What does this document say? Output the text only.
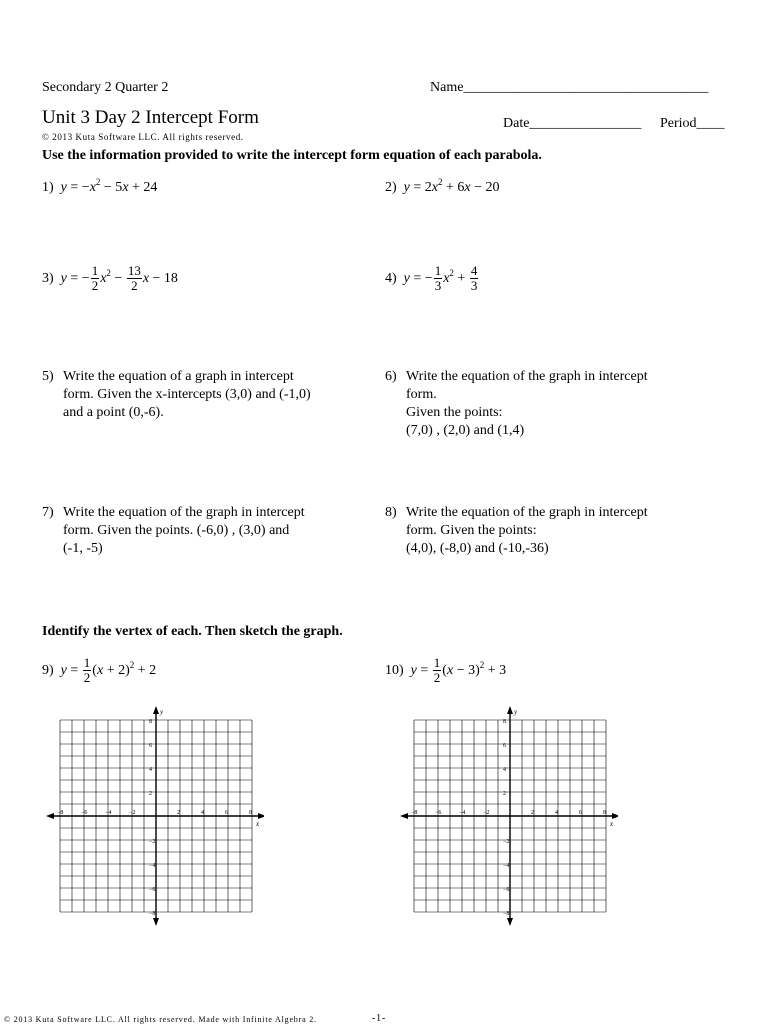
Secondary 2 Quarter 2	Name___________________________________
Unit 3 Day 2 Intercept Form	Date________________ Period____
© 2013 Kuta Software LLC. All rights reserved.
Use the information provided to write the intercept form equation of each parabola.
1) $y = -x^2 - 5x + 24$	2) $y = 2x^2 + 6x - 20$
3) y = − $\frac{1}{2} x^2 - \frac{13}{2}$ x − 18	4) y = − $\frac{1}{3} x^2 + \frac{4}{3}$
5) Write the equation of a graph in intercept
form. Given the x-intercepts (3,0) and (-1,0)
and a point (0,-6).
6) Write the equation of the graph in intercept
form.
Given the points:
(7,0) , (2,0) and (1,4)
7) Write the equation of the graph in intercept
form. Given the points. (-6,0) , (3,0) and
(-1, -5)
8) Write the equation of the graph in intercept
form. Given the points:
(4,0), (-8,0) and (-10,-36)
Identify the vertex of each. Then sketch the graph.
9) $y = \frac{1}{2} (x + 2)^2 + 2$	10) $y = \frac{1}{2} (x - 3)^2 + 3$
x
y
−8	−6	−4	−2	2	4	6	8
8
6
4
2
−2
−4
−6
−8
x
y
−8	−6	−4	−2	2	4	6	8
8
6
4
2
−2
−4
−6
−8
© 2013 Kuta Software LLC. All rights reserved. Made with Infinite Algebra 2.	-1-
